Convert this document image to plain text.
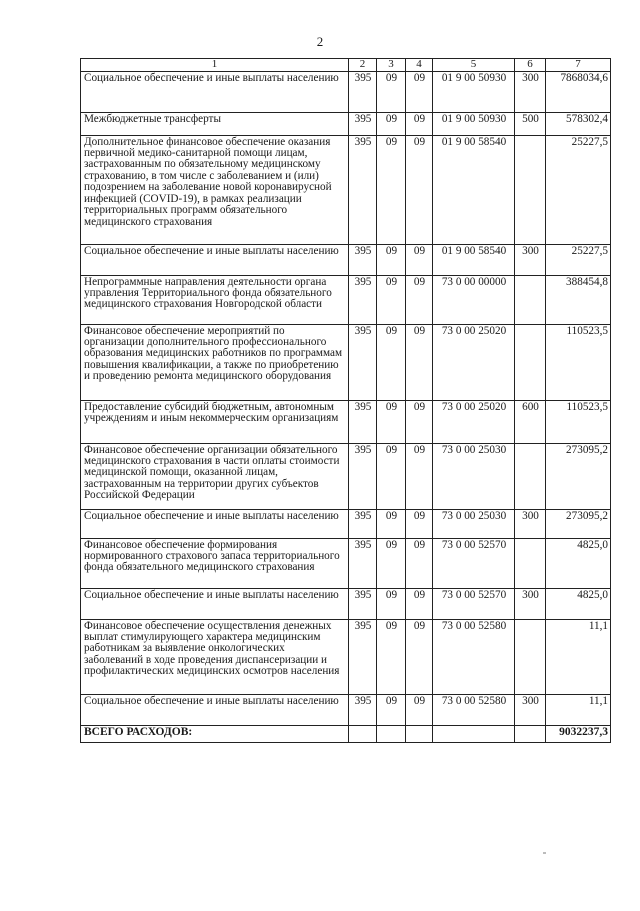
2
1	2	3	4	5	6	7
Социальное обеспечение и иные выплаты населению	395	09	09	01 9 00 50930	300	7868034,6
Межбюджетные трансферты	395	09	09	01 9 00 50930	500	578302,4
Дополнительное финансовое обеспечение оказания первичной медико-санитарной помощи лицам, застрахованным по обязательному медицинскому страхованию, в том числе с заболеванием и (или) подозрением на заболевание новой коронавирусной инфекцией (COVID-19), в рамках реализации территориальных программ обязательного медицинского страхования	395	09	09	01 9 00 58540		25227,5
Социальное обеспечение и иные выплаты населению	395	09	09	01 9 00 58540	300	25227,5
Непрограммные направления деятельности органа управления Территориального фонда обязательного медицинского страхования Новгородской области	395	09	09	73 0 00 00000		388454,8
Финансовое обеспечение мероприятий по организации дополнительного профессионального образования медицинских работников по программам повышения квалификации, а также по приобретению и проведению ремонта медицинского оборудования	395	09	09	73 0 00 25020		110523,5
Предоставление субсидий бюджетным, автономным учреждениям и иным некоммерческим организациям	395	09	09	73 0 00 25020	600	110523,5
Финансовое обеспечение организации обязательного медицинского страхования в части оплаты стоимости медицинской помощи, оказанной лицам, застрахованным на территории других субъектов Российской Федерации	395	09	09	73 0 00 25030		273095,2
Социальное обеспечение и иные выплаты населению	395	09	09	73 0 00 25030	300	273095,2
Финансовое обеспечение формирования нормированного страхового запаса территориального фонда обязательного медицинского страхования	395	09	09	73 0 00 52570		4825,0
Социальное обеспечение и иные выплаты населению	395	09	09	73 0 00 52570	300	4825,0
Финансовое обеспечение осуществления денежных выплат стимулирующего характера медицинским работникам за выявление онкологических заболеваний в ходе проведения диспансеризации и профилактических медицинских осмотров населения	395	09	09	73 0 00 52580		11,1
Социальное обеспечение и иные выплаты населению	395	09	09	73 0 00 52580	300	11,1
ВСЕГО РАСХОДОВ:						9032237,3
